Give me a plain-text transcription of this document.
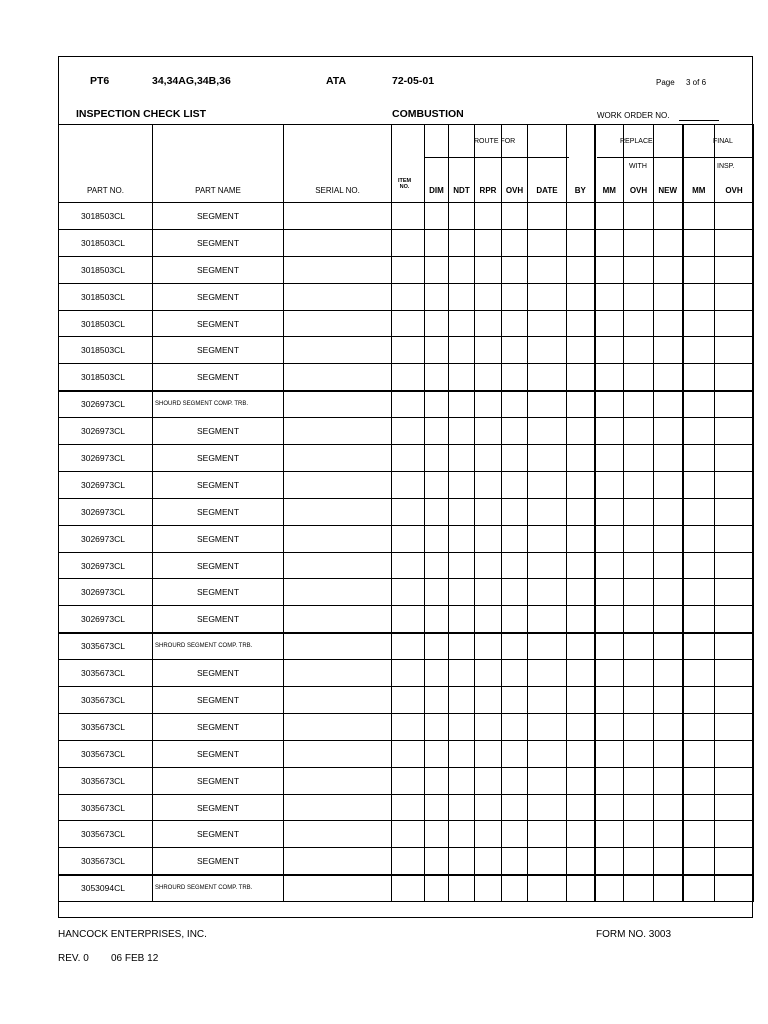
PT6	34,34AG,34B,36	ATA	72-05-01	Page 3 of 6
INSPECTION CHECK LIST	COMBUSTION	WORK ORDER NO.
ROUTE FOR	REPLACE
WITH
FINAL
INSP.
ITEM
NO.
PART NO.	PART NAME	SERIAL NO.		DIM	NDT	RPR	OVH	DATE	BY	MM	OVH	NEW	MM	OVH
3018503CL	SEGMENT													
3018503CL	SEGMENT													
3018503CL	SEGMENT													
3018503CL	SEGMENT													
3018503CL	SEGMENT													
3018503CL	SEGMENT													
3018503CL	SEGMENT													
3026973CL	SHOURD SEGMENT COMP. TRB.													
3026973CL	SEGMENT													
3026973CL	SEGMENT													
3026973CL	SEGMENT													
3026973CL	SEGMENT													
3026973CL	SEGMENT													
3026973CL	SEGMENT													
3026973CL	SEGMENT													
3026973CL	SEGMENT													
3035673CL	SHROURD SEGMENT COMP. TRB.													
3035673CL	SEGMENT													
3035673CL	SEGMENT													
3035673CL	SEGMENT													
3035673CL	SEGMENT													
3035673CL	SEGMENT													
3035673CL	SEGMENT													
3035673CL	SEGMENT													
3035673CL	SEGMENT													
3053094CL	SHROURD SEGMENT COMP. TRB.													
HANCOCK ENTERPRISES, INC.	FORM NO. 3003
REV. 0 06 FEB 12
